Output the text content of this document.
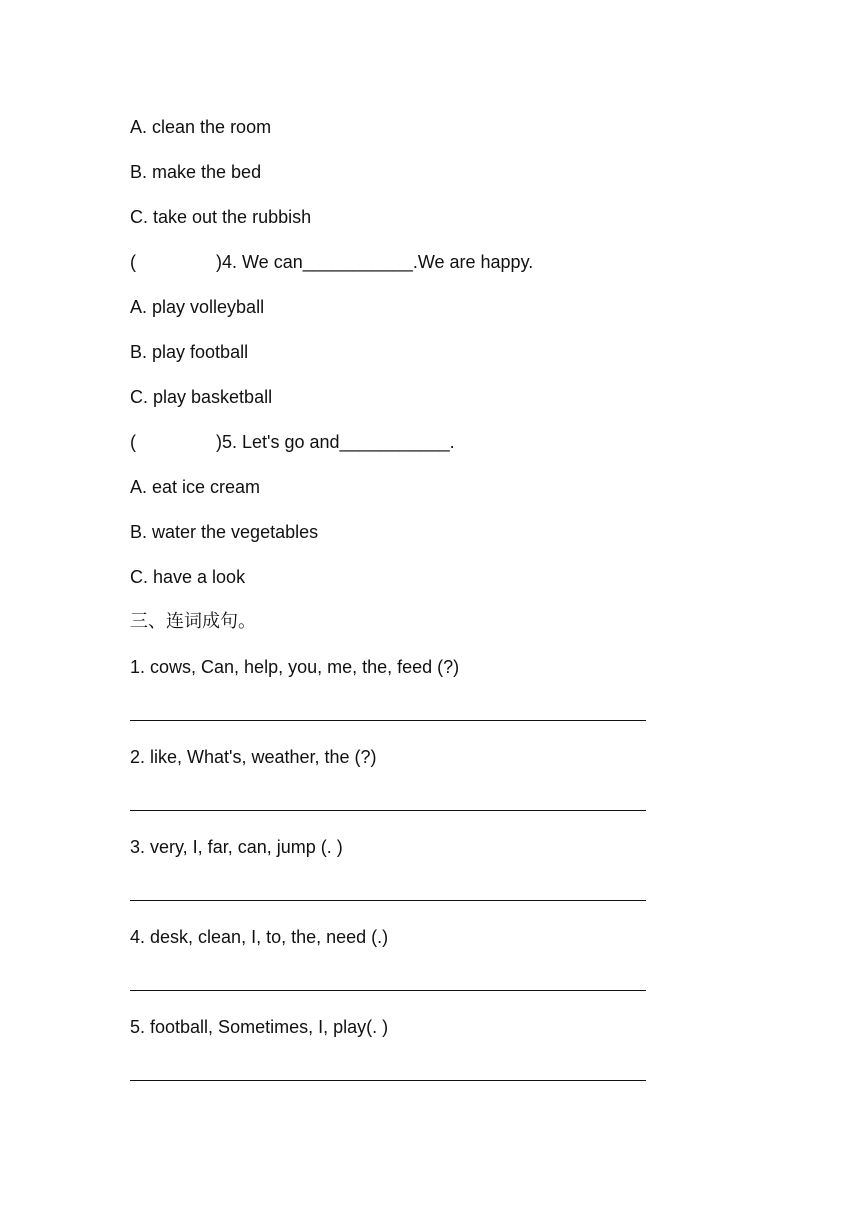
A. clean the room
B. make the bed
C. take out the rubbish
(                )4. We can___________.We are happy.
A. play volleyball
B. play football
C. play basketball
(                )5. Let's go and___________.
A. eat ice cream
B. water the vegetables
C. have a look
三、连词成句。
1. cows, Can, help, you, me, the, feed (?)
2. like, What's, weather, the (?)
3. very, I, far, can, jump (. )
4. desk, clean, I, to, the, need (.)
5. football, Sometimes, I, play(. )
